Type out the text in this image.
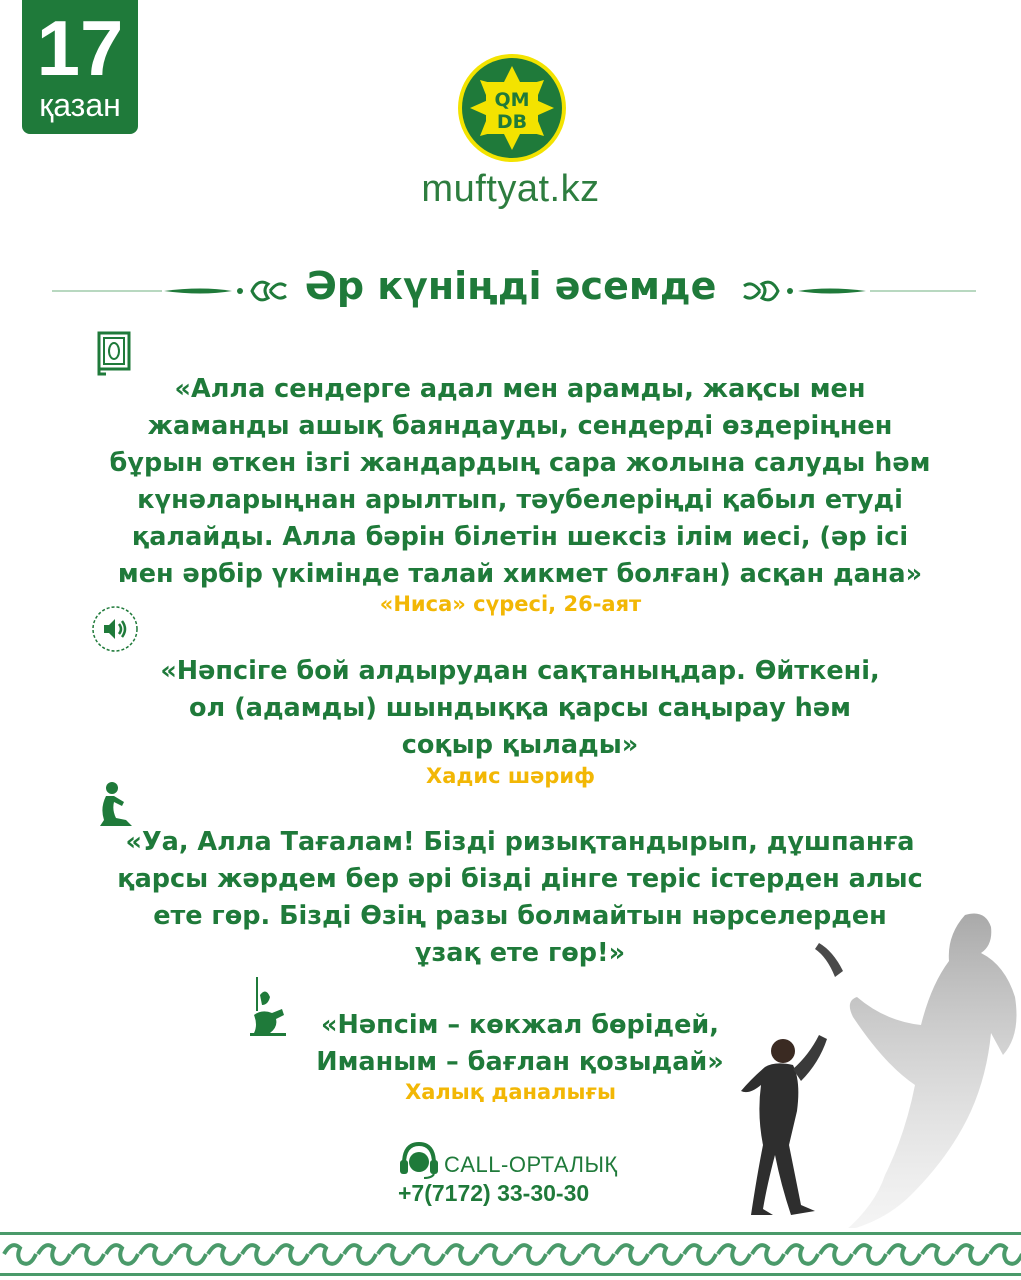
17
қазан	QM
DB
muftyat.kz
Әр күніңді әсемде

«Алла сендерге адал мен арамды, жақсы мен

жаманды ашық баяндауды, сендерді өздеріңнен

бұрын өткен ізгі жандардың сара жолына салуды һәм

күнәларыңнан арылтып, тәубелеріңді қабыл етуді

қалайды. Алла бәрін білетін шексіз ілім иесі, (әр ісі

мен әрбір үкімінде талай хикмет болған) асқан дана»

«Ниса» сүресі, 26-аят

«Нәпсіге бой алдырудан сақтаныңдар. Өйткені,

ол (адамды) шындыққа қарсы саңырау һәм

соқыр қылады»

Хадис шәриф

«Уа, Алла Тағалам! Бізді ризықтандырып, дұшпанға

қарсы жәрдем бер әрі бізді дінге теріс істерден алыс

ете гөр. Бізді Өзің разы болмайтын нәрселерден

ұзақ ете гөр!»

«Нәпсім – көкжал бөрідей,

Иманым – бағлан қозыдай»

Халық даналығы
CALL-ОРТАЛЫҚ
+7(7172) 33-30-30
